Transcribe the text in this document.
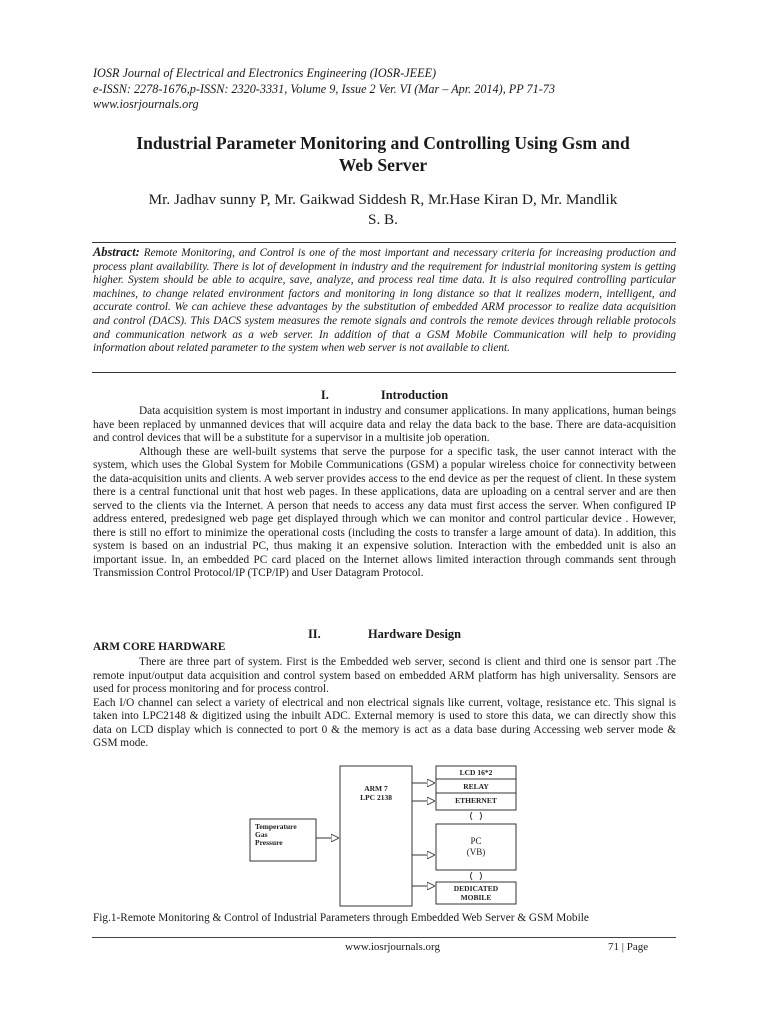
IOSR Journal of Electrical and Electronics Engineering (IOSR-JEEE)
e-ISSN: 2278-1676,p-ISSN: 2320-3331, Volume 9, Issue 2 Ver. VI (Mar – Apr. 2014), PP 71-73
www.iosrjournals.org
Industrial Parameter Monitoring and Controlling Using Gsm and
Web Server
Mr. Jadhav sunny P, Mr. Gaikwad Siddesh R, Mr.Hase Kiran D, Mr. Mandlik
S. B.
Abstract: Remote Monitoring, and Control is one of the most important and necessary criteria for increasing production and process plant availability. There is lot of development in industry and the requirement for industrial monitoring system is getting higher. System should be able to acquire, save, analyze, and process real time data. It is also required controlling particular machines, to change related environment factors and monitoring in long distance so that it realizes modern, intelligent, and accurate control. We can achieve these advantages by the substitution of embedded ARM processor to realize data acquisition and control (DACS). This DACS system measures the remote signals and controls the remote devices through reliable protocols and communication network as a web server. In addition of that a GSM Mobile Communication will help to providing information about related parameter to the system when web server is not available to client.
I.	Introduction

Data acquisition system is most important in industry and consumer applications. In many applications, human beings have been replaced by unmanned devices that will acquire data and relay the data back to the base. There are data-acquisition and control devices that will be a substitute for a supervisor in a multisite job operation.

Although these are well-built systems that serve the purpose for a specific task, the user cannot interact with the system, which uses the Global System for Mobile Communications (GSM) a popular wireless choice for connectivity between the data-acquisition units and clients. A web server provides access to the end device as per the request of client. In these system there is a central functional unit that host web pages. In these applications, data are uploading on a central server and are then served to the clients via the Internet. A person that needs to access any data must first access the server. When configured IP address entered, predesigned web page get displayed through which we can monitor and control particular device . However, there is still no effort to minimize the operational costs (including the costs to transfer a large amount of data). In addition, this system is based on an industrial PC, thus making it an expensive solution. Interaction with the embedded unit is also an important issue. In, an embedded PC card placed on the Internet allows limited interaction through commands sent through Transmission Control Protocol/IP (TCP/IP) and User Datagram Protocol.

II.	Hardware Design
ARM CORE HARDWARE

There are three part of system. First is the Embedded web server, second is client and third one is sensor part .The remote input/output data acquisition and control system based on embedded ARM platform has high universality. Sensors are used for process monitoring and for process control.

Each I/O channel can select a variety of electrical and non electrical signals like current, voltage, resistance etc. This signal is taken into LPC2148 & digitized using the inbuilt ADC. External memory is used to store this data, we can directly show this data on LCD display which is connected to port 0 & the memory is act as a data base during Accessing web server mode & GSM mode.

Temperature
Gas
Pressure
ARM 7
LPC 2138
LCD 16*2
RELAY
ETHERNET
PC
(VB)
DEDICATED
MOBILE
Fig.1-Remote Monitoring & Control of Industrial Parameters through Embedded Web Server & GSM Mobile
www.iosrjournals.org	71 | Page
